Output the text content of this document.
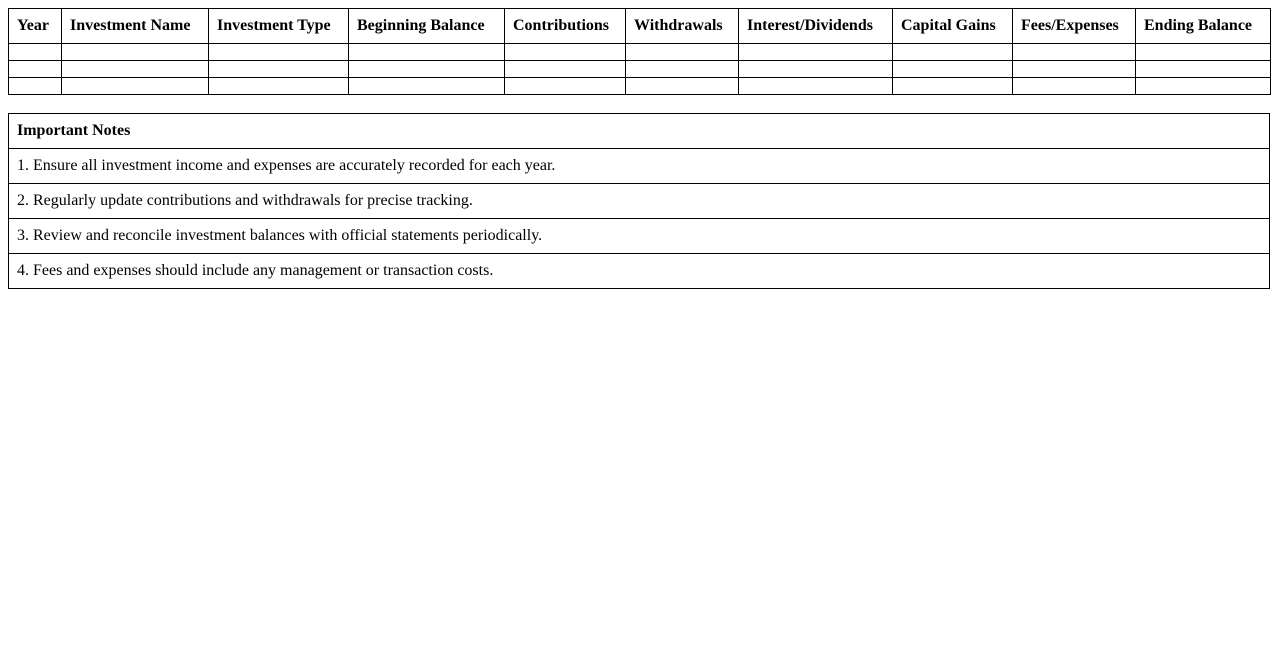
Year	Investment Name	Investment Type	Beginning Balance	Contributions	Withdrawals	Interest/Dividends	Capital Gains	Fees/Expenses	Ending Balance

Important Notes
1. Ensure all investment income and expenses are accurately recorded for each year.
2. Regularly update contributions and withdrawals for precise tracking.
3. Review and reconcile investment balances with official statements periodically.
4. Fees and expenses should include any management or transaction costs.
